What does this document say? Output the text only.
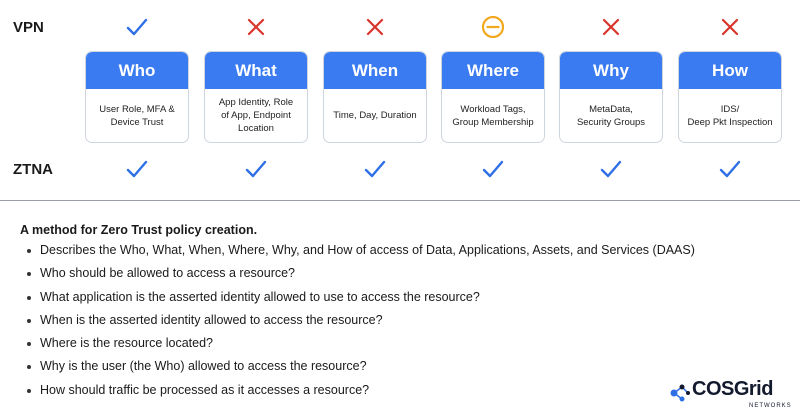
VPN
ZTNA
Who
User Role, MFA &
Device Trust
What
App Identity, Role
of App, Endpoint
Location
When
Time, Day, Duration
Where
Workload Tags,
Group Membership
Why
MetaData,
Security Groups
How
IDS/
Deep Pkt Inspection
A method for Zero Trust policy creation.
Describes the Who, What, When, Where, Why, and How of access of Data, Applications, Assets, and Services (DAAS)
Who should be allowed to access a resource?
What application is the asserted identity allowed to use to access the resource?
When is the asserted identity allowed to access the resource?
Where is the resource located?
Why is the user (the Who) allowed to access the resource?
How should traffic be processed as it accesses a resource?	COSGrid
NETWORKS
